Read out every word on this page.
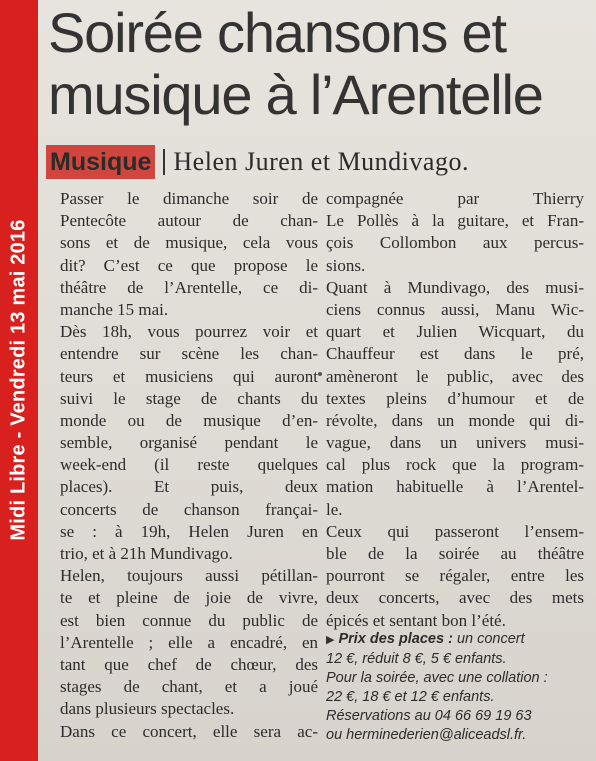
Midi Libre - Vendredi 13 mai 2016
Soirée chansons et
musique à l’Arentelle
Musique Helen Juren et Mundivago.
Passer le dimanche soir de
Pentecôte autour de chan-
sons et de musique, cela vous
dit? C’est ce que propose le
théâtre de l’Arentelle, ce di-
manche 15 mai.
Dès 18h, vous pourrez voir et
entendre sur scène les chan-
teurs et musiciens qui auront
suivi le stage de chants du
monde ou de musique d’en-
semble, organisé pendant le
week-end (il reste quelques
places). Et puis, deux
concerts de chanson françai-
se : à 19h, Helen Juren en
trio, et à 21h Mundivago.
Helen, toujours aussi pétillan-
te et pleine de joie de vivre,
est bien connue du public de
l’Arentelle ; elle a encadré, en
tant que chef de chœur, des
stages de chant, et a joué
dans plusieurs spectacles.
Dans ce concert, elle sera ac-
compagnée par Thierry
Le Pollès à la guitare, et Fran-
çois Collombon aux percus-
sions.
Quant à Mundivago, des musi-
ciens connus aussi, Manu Wic-
quart et Julien Wicquart, du
Chauffeur est dans le pré,
amèneront le public, avec des
textes pleins d’humour et de
révolte, dans un monde qui di-
vague, dans un univers musi-
cal plus rock que la program-
mation habituelle à l’Arentel-
le.
Ceux qui passeront l’ensem-
ble de la soirée au théâtre
pourront se régaler, entre les
deux concerts, avec des mets
épicés et sentant bon l’été.
▶ Prix des places : un concert
12 €, réduit 8 €, 5 € enfants.
Pour la soirée, avec une collation :
22 €, 18 € et 12 € enfants.
Réservations au 04 66 69 19 63
ou herminederien@aliceadsl.fr.
